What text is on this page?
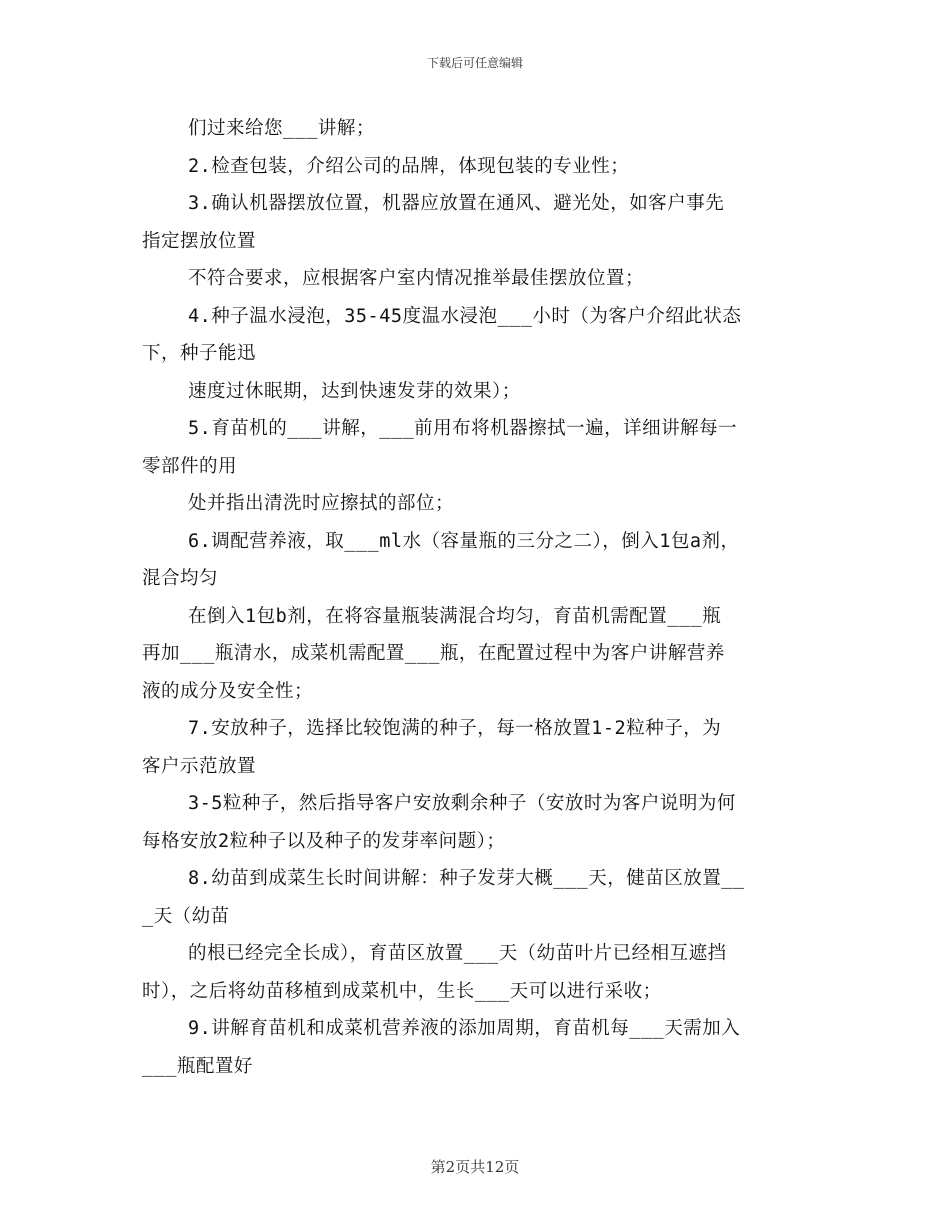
下载后可任意编辑
们过来给您___讲解；
2.检查包装，介绍公司的品牌，体现包装的专业性；
3.确认机器摆放位置，机器应放置在通风、避光处，如客户事先
指定摆放位置
不符合要求，应根据客户室内情况推举最佳摆放位置；
4.种子温水浸泡，35-45度温水浸泡___小时（为客户介绍此状态
下，种子能迅
速度过休眠期，达到快速发芽的效果）；
5.育苗机的___讲解，___前用布将机器擦拭一遍，详细讲解每一
零部件的用
处并指出清洗时应擦拭的部位；
6.调配营养液，取___ml水（容量瓶的三分之二），倒入1包a剂，
混合均匀
在倒入1包b剂，在将容量瓶装满混合均匀，育苗机需配置___瓶
再加___瓶清水，成菜机需配置___瓶，在配置过程中为客户讲解营养
液的成分及安全性；
7.安放种子，选择比较饱满的种子，每一格放置1-2粒种子，为
客户示范放置
3-5粒种子，然后指导客户安放剩余种子（安放时为客户说明为何
每格安放2粒种子以及种子的发芽率问题）；
8.幼苗到成菜生长时间讲解：种子发芽大概___天，健苗区放置__
_天（幼苗
的根已经完全长成），育苗区放置___天（幼苗叶片已经相互遮挡
时），之后将幼苗移植到成菜机中，生长___天可以进行采收；
9.讲解育苗机和成菜机营养液的添加周期，育苗机每___天需加入
___瓶配置好
第2页共12页
